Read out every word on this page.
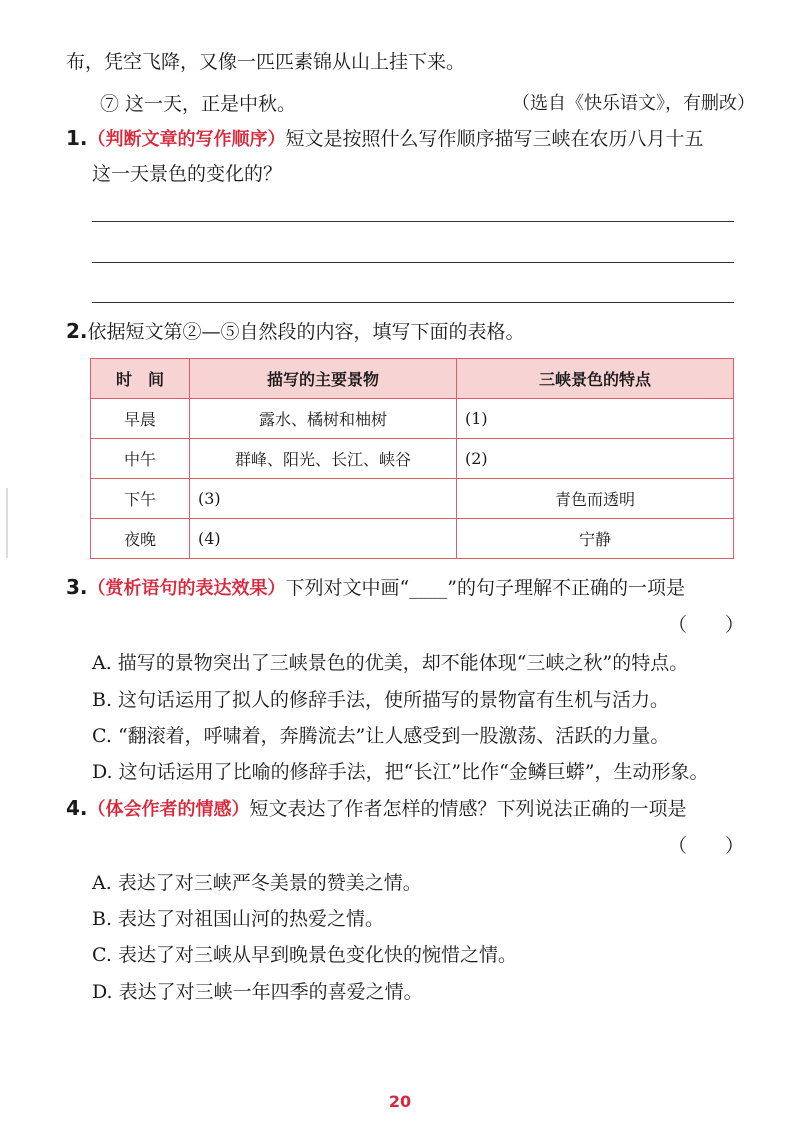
布，凭空飞降，又像一匹匹素锦从山上挂下来。
⑦ 这一天，正是中秋。	（选自《快乐语文》，有删改）
1.（判断文章的写作顺序）短文是按照什么写作顺序描写三峡在农历八月十五
这一天景色的变化的？
2.依据短文第②—⑤自然段的内容，填写下面的表格。
时　间	描写的主要景物	三峡景色的特点
早晨	露水、橘树和柚树	(1)
中午	群峰、阳光、长江、峡谷	(2)
下午	(3)	青色而透明
夜晚	(4)	宁静
3.（赏析语句的表达效果）下列对文中画“____”的句子理解不正确的一项是
（　　）
A. 描写的景物突出了三峡景色的优美，却不能体现“三峡之秋”的特点。
B. 这句话运用了拟人的修辞手法，使所描写的景物富有生机与活力。
C. “翻滚着，呼啸着，奔腾流去”让人感受到一股激荡、活跃的力量。
D. 这句话运用了比喻的修辞手法，把“长江”比作“金鳞巨蟒”，生动形象。
4.（体会作者的情感）短文表达了作者怎样的情感？下列说法正确的一项是
（　　）
A. 表达了对三峡严冬美景的赞美之情。
B. 表达了对祖国山河的热爱之情。
C. 表达了对三峡从早到晚景色变化快的惋惜之情。
D. 表达了对三峡一年四季的喜爱之情。
20
